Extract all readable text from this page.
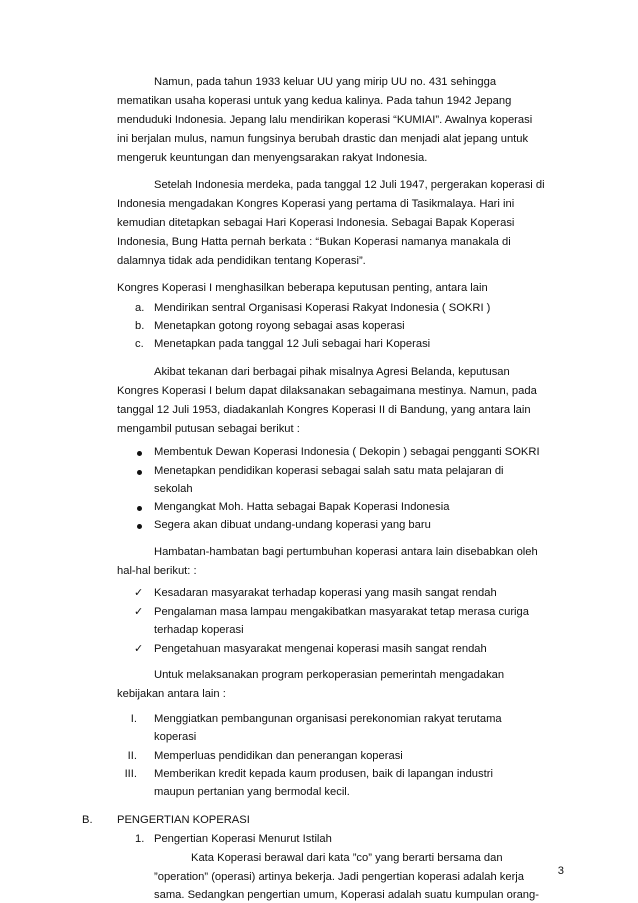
Namun, pada tahun 1933 keluar UU yang mirip UU no. 431 sehingga
mematikan usaha koperasi untuk yang kedua kalinya. Pada tahun 1942 Jepang
menduduki Indonesia. Jepang lalu mendirikan koperasi “KUMIAI”. Awalnya koperasi
ini berjalan mulus, namun fungsinya berubah drastic dan menjadi alat jepang untuk
mengeruk keuntungan dan menyengsarakan rakyat Indonesia.
Setelah Indonesia merdeka, pada tanggal 12 Juli 1947, pergerakan koperasi di
Indonesia mengadakan Kongres Koperasi yang pertama di Tasikmalaya. Hari ini
kemudian ditetapkan sebagai Hari Koperasi Indonesia. Sebagai Bapak Koperasi
Indonesia, Bung Hatta pernah berkata : “Bukan Koperasi namanya manakala di
dalamnya tidak ada pendidikan tentang Koperasi”.
Kongres Koperasi I menghasilkan beberapa keputusan penting, antara lain
a. Mendirikan sentral Organisasi Koperasi Rakyat Indonesia ( SOKRI )
b. Menetapkan gotong royong sebagai asas koperasi
c. Menetapkan pada tanggal 12 Juli sebagai hari Koperasi
Akibat tekanan dari berbagai pihak misalnya Agresi Belanda, keputusan
Kongres Koperasi I belum dapat dilaksanakan sebagaimana mestinya. Namun, pada
tanggal 12 Juli 1953, diadakanlah Kongres Koperasi II di Bandung, yang antara lain
mengambil putusan sebagai berikut :
Membentuk Dewan Koperasi Indonesia ( Dekopin ) sebagai pengganti SOKRI
Menetapkan pendidikan koperasi sebagai salah satu mata pelajaran di
sekolah
Mengangkat Moh. Hatta sebagai Bapak Koperasi Indonesia
Segera akan dibuat undang-undang koperasi yang baru
Hambatan-hambatan bagi pertumbuhan koperasi antara lain disebabkan oleh
hal-hal berikut: :
✓ Kesadaran masyarakat terhadap koperasi yang masih sangat rendah
✓ Pengalaman masa lampau mengakibatkan masyarakat tetap merasa curiga
terhadap koperasi
✓ Pengetahuan masyarakat mengenai koperasi masih sangat rendah
Untuk melaksanakan program perkoperasian pemerintah mengadakan
kebijakan antara lain :
I. Menggiatkan pembangunan organisasi perekonomian rakyat terutama
koperasi
II. Memperluas pendidikan dan penerangan koperasi
III. Memberikan kredit kepada kaum produsen, baik di lapangan industri
maupun pertanian yang bermodal kecil.
B. PENGERTIAN KOPERASI
1. Pengertian Koperasi Menurut Istilah
Kata Koperasi berawal dari kata ”co” yang berarti bersama dan
”operation” (operasi) artinya bekerja. Jadi pengertian koperasi adalah kerja
sama. Sedangkan pengertian umum, Koperasi adalah suatu kumpulan orang-
3
